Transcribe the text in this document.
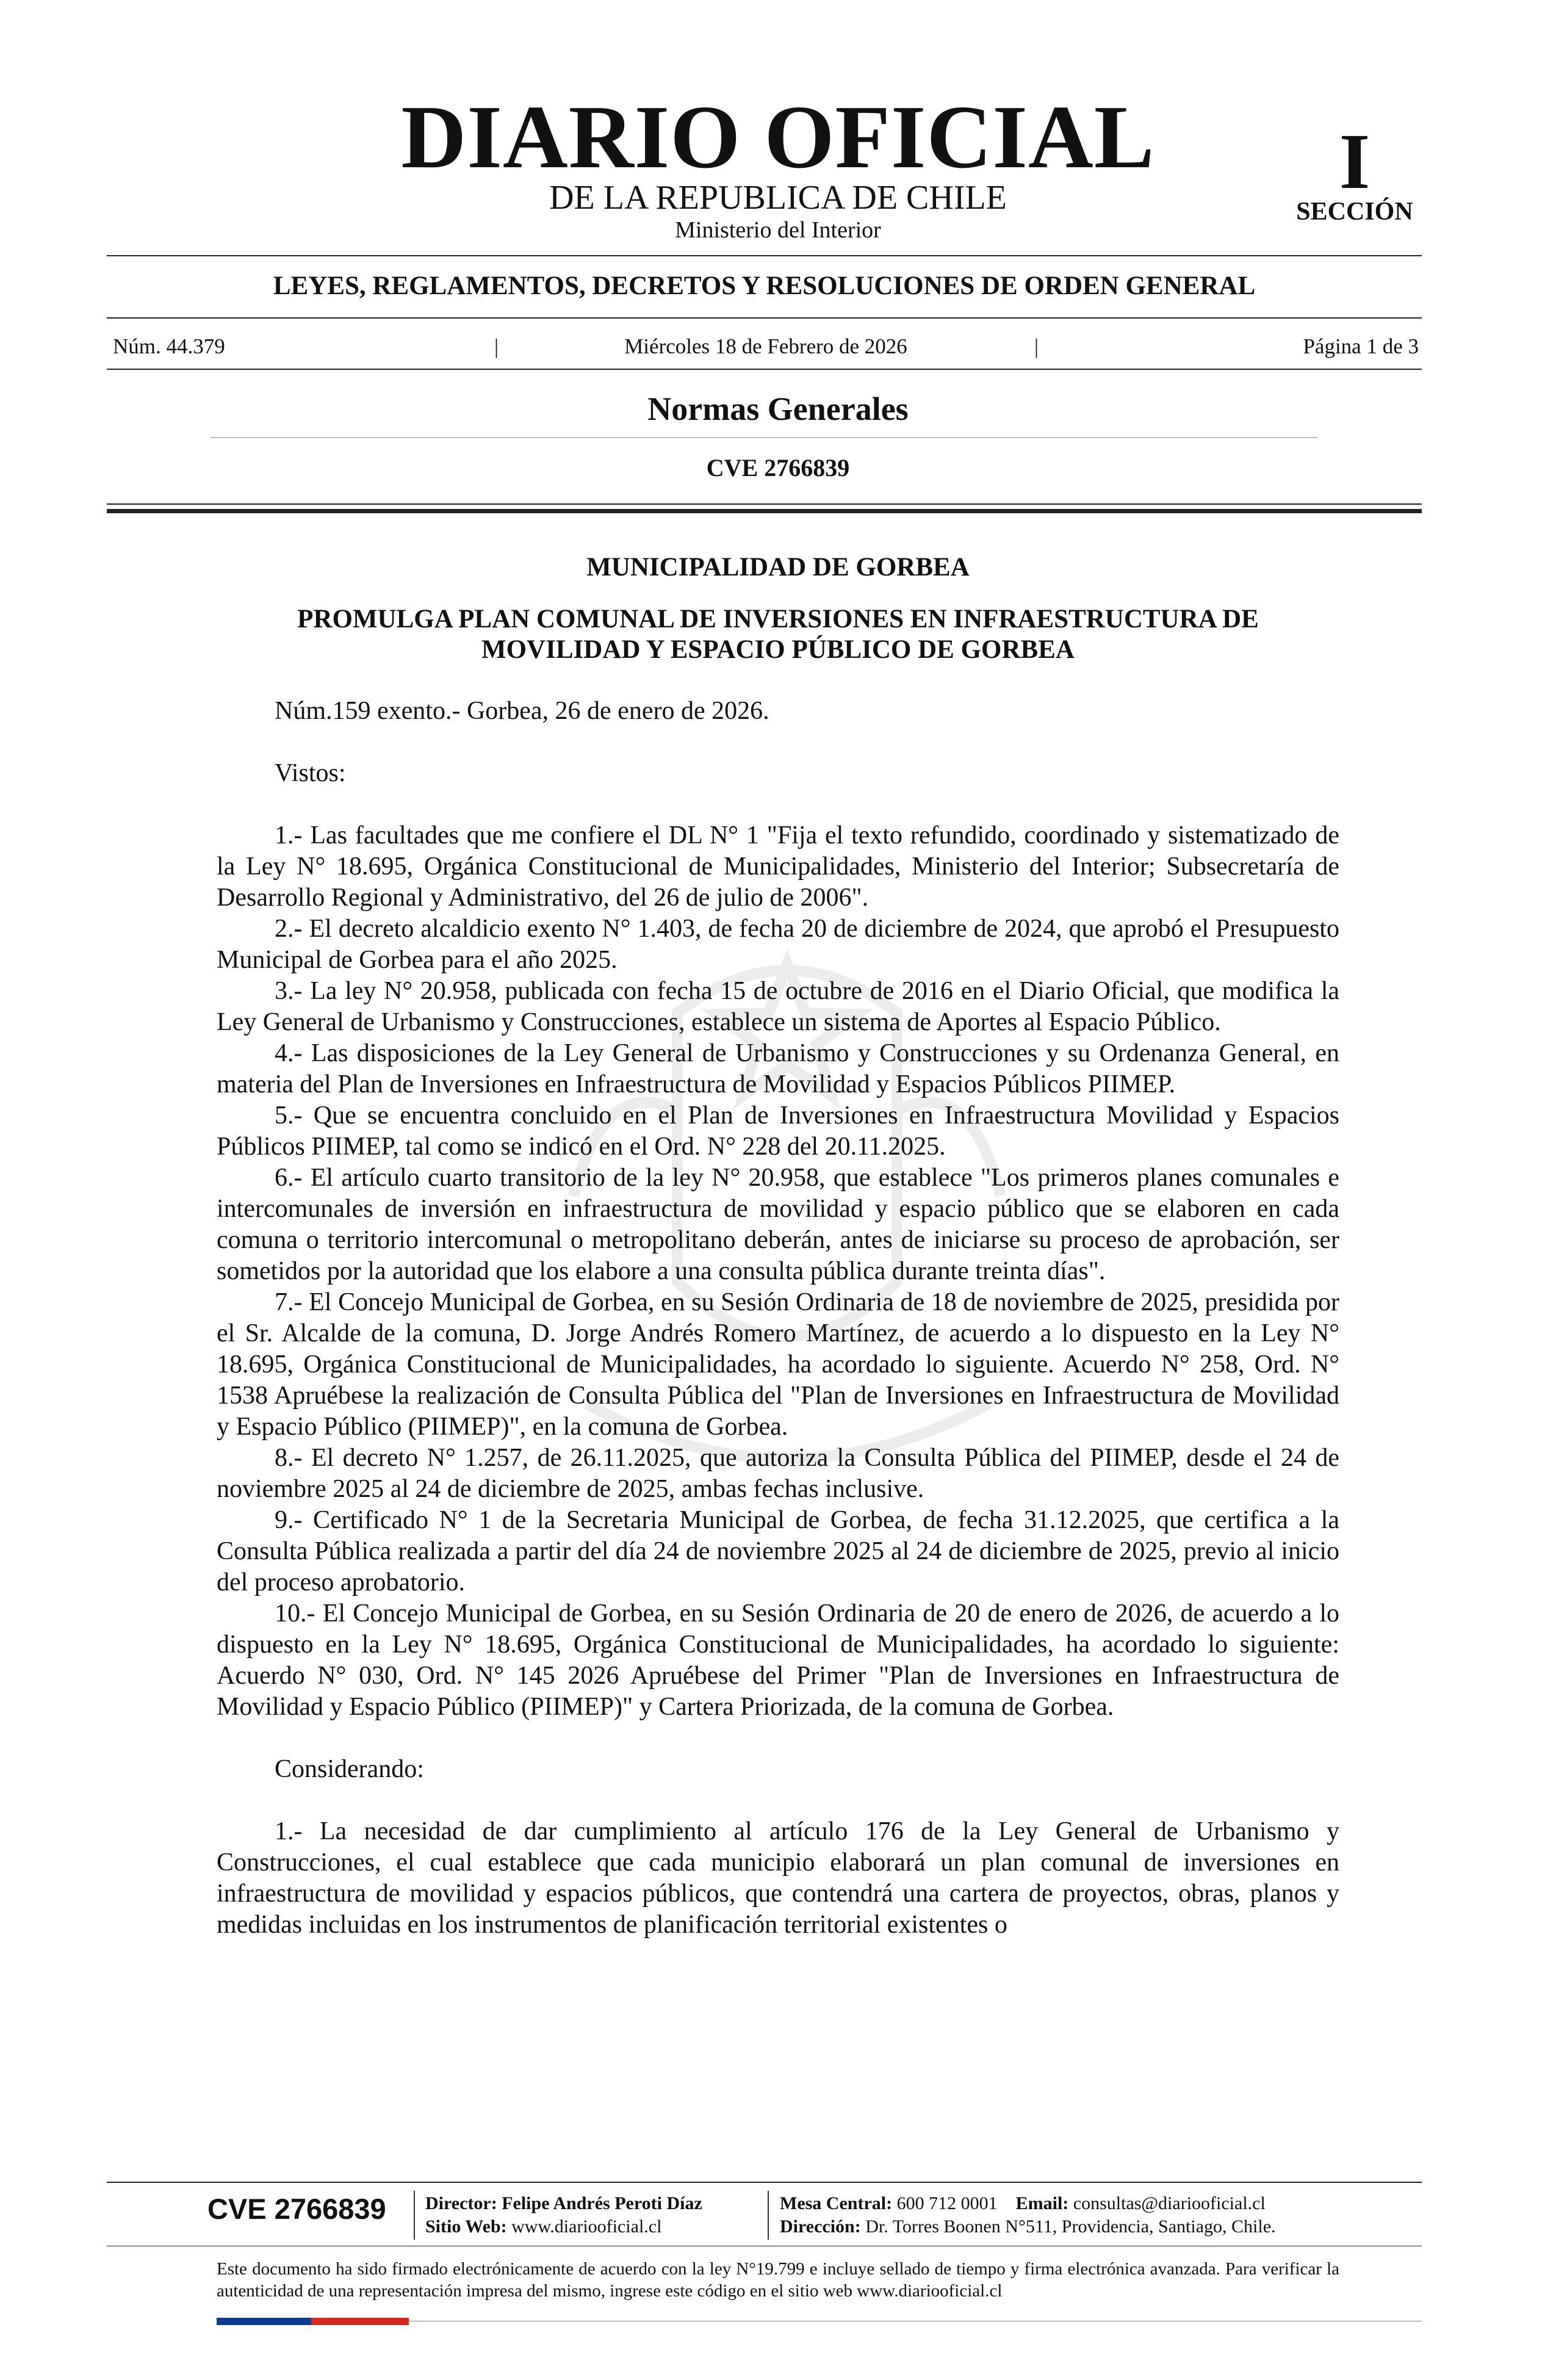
DIARIO OFICIAL
DE LA REPUBLICA DE CHILE
Ministerio del Interior
I
SECCIÓN
LEYES, REGLAMENTOS, DECRETOS Y RESOLUCIONES DE ORDEN GENERAL
Núm. 44.379	|	Miércoles 18 de Febrero de 2026	|	Página 1 de 3
Normas Generales
CVE 2766839
MUNICIPALIDAD DE GORBEA
PROMULGA PLAN COMUNAL DE INVERSIONES EN INFRAESTRUCTURA DE
MOVILIDAD Y ESPACIO PÚBLICO DE GORBEA

Núm.159 exento.- Gorbea, 26 de enero de 2026.

Vistos:

1.- Las facultades que me confiere el DL N° 1 "Fija el texto refundido, coordinado y sistematizado de la Ley N° 18.695, Orgánica Constitucional de Municipalidades, Ministerio del Interior; Subsecretaría de Desarrollo Regional y Administrativo, del 26 de julio de 2006".

2.- El decreto alcaldicio exento N° 1.403, de fecha 20 de diciembre de 2024, que aprobó el Presupuesto Municipal de Gorbea para el año 2025.

3.- La ley N° 20.958, publicada con fecha 15 de octubre de 2016 en el Diario Oficial, que modifica la Ley General de Urbanismo y Construcciones, establece un sistema de Aportes al Espacio Público.

4.- Las disposiciones de la Ley General de Urbanismo y Construcciones y su Ordenanza General, en materia del Plan de Inversiones en Infraestructura de Movilidad y Espacios Públicos PIIMEP.

5.- Que se encuentra concluido en el Plan de Inversiones en Infraestructura Movilidad y Espacios Públicos PIIMEP, tal como se indicó en el Ord. N° 228 del 20.11.2025.

6.- El artículo cuarto transitorio de la ley N° 20.958, que establece "Los primeros planes comunales e intercomunales de inversión en infraestructura de movilidad y espacio público que se elaboren en cada comuna o territorio intercomunal o metropolitano deberán, antes de iniciarse su proceso de aprobación, ser sometidos por la autoridad que los elabore a una consulta pública durante treinta días".

7.- El Concejo Municipal de Gorbea, en su Sesión Ordinaria de 18 de noviembre de 2025, presidida por el Sr. Alcalde de la comuna, D. Jorge Andrés Romero Martínez, de acuerdo a lo dispuesto en la Ley N° 18.695, Orgánica Constitucional de Municipalidades, ha acordado lo siguiente. Acuerdo N° 258, Ord. N° 1538 Apruébese la realización de Consulta Pública del "Plan de Inversiones en Infraestructura de Movilidad y Espacio Público (PIIMEP)", en la comuna de Gorbea.

8.- El decreto N° 1.257, de 26.11.2025, que autoriza la Consulta Pública del PIIMEP, desde el 24 de noviembre 2025 al 24 de diciembre de 2025, ambas fechas inclusive.

9.- Certificado N° 1 de la Secretaria Municipal de Gorbea, de fecha 31.12.2025, que certifica a la Consulta Pública realizada a partir del día 24 de noviembre 2025 al 24 de diciembre de 2025, previo al inicio del proceso aprobatorio.

10.- El Concejo Municipal de Gorbea, en su Sesión Ordinaria de 20 de enero de 2026, de acuerdo a lo dispuesto en la Ley N° 18.695, Orgánica Constitucional de Municipalidades, ha acordado lo siguiente: Acuerdo N° 030, Ord. N° 145 2026 Apruébese del Primer "Plan de Inversiones en Infraestructura de Movilidad y Espacio Público (PIIMEP)" y Cartera Priorizada, de la comuna de Gorbea.

Considerando:

1.- La necesidad de dar cumplimiento al artículo 176 de la Ley General de Urbanismo y Construcciones, el cual establece que cada municipio elaborará un plan comunal de inversiones en infraestructura de movilidad y espacios públicos, que contendrá una cartera de proyectos, obras, planos y medidas incluidas en los instrumentos de planificación territorial existentes o

CVE 2766839	Director: Felipe Andrés Peroti Díaz
Sitio Web: www.diariooficial.cl
Mesa Central: 600 712 0001 Email: consultas@diariooficial.cl
Dirección: Dr. Torres Boonen N°511, Providencia, Santiago, Chile.
Este documento ha sido firmado electrónicamente de acuerdo con la ley N°19.799 e incluye sellado de tiempo y firma electrónica avanzada. Para verificar la autenticidad de una representación impresa del mismo, ingrese este código en el sitio web www.diariooficial.cl
